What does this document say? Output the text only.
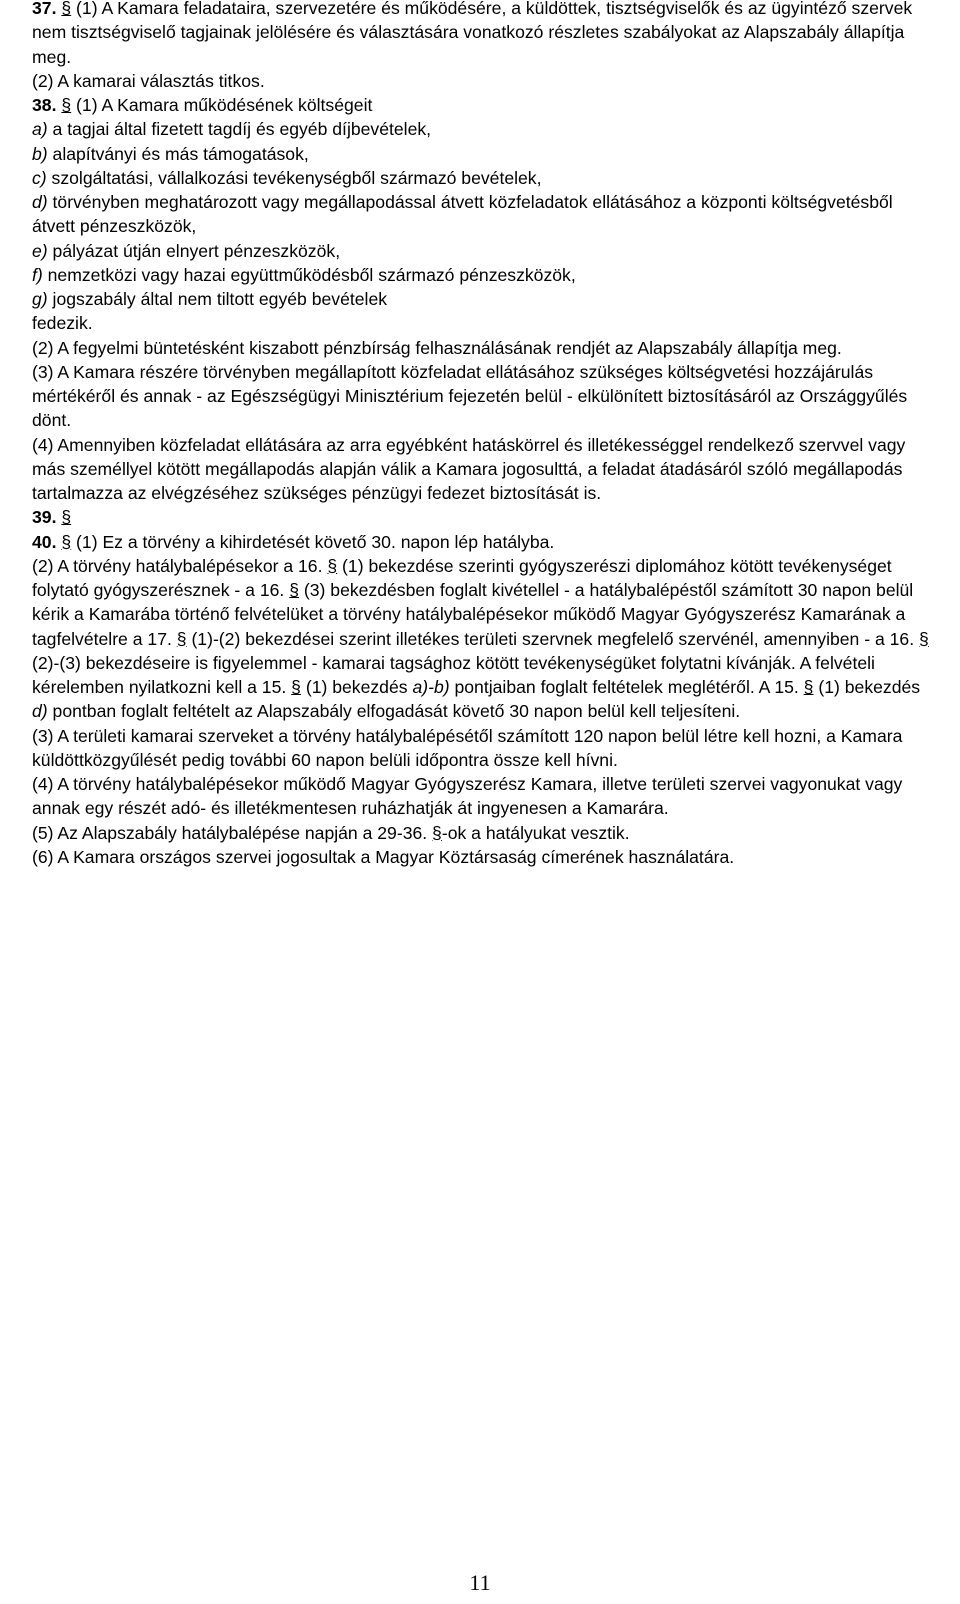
37. § (1) A Kamara feladataira, szervezetére és működésére, a küldöttek, tisztségviselők és az ügyintéző szervek nem tisztségviselő tagjainak jelölésére és választására vonatkozó részletes szabályokat az Alapszabály állapítja meg.

(2) A kamarai választás titkos.

38. § (1) A Kamara működésének költségeit

a) a tagjai által fizetett tagdíj és egyéb díjbevételek,

b) alapítványi és más támogatások,

c) szolgáltatási, vállalkozási tevékenységből származó bevételek,

d) törvényben meghatározott vagy megállapodással átvett közfeladatok ellátásához a központi költségvetésből átvett pénzeszközök,

e) pályázat útján elnyert pénzeszközök,

f) nemzetközi vagy hazai együttműködésből származó pénzeszközök,

g) jogszabály által nem tiltott egyéb bevételek

fedezik.

(2) A fegyelmi büntetésként kiszabott pénzbírság felhasználásának rendjét az Alapszabály állapítja meg.

(3) A Kamara részére törvényben megállapított közfeladat ellátásához szükséges költségvetési hozzájárulás mértékéről és annak - az Egészségügyi Minisztérium fejezetén belül - elkülönített biztosításáról az Országgyűlés dönt.

(4) Amennyiben közfeladat ellátására az arra egyébként hatáskörrel és illetékességgel rendelkező szervvel vagy más személlyel kötött megállapodás alapján válik a Kamara jogosulttá, a feladat átadásáról szóló megállapodás tartalmazza az elvégzéséhez szükséges pénzügyi fedezet biztosítását is.

39. §

40. § (1) Ez a törvény a kihirdetését követő 30. napon lép hatályba.

(2) A törvény hatálybalépésekor a 16. § (1) bekezdése szerinti gyógyszerészi diplomához kötött tevékenységet folytató gyógyszerésznek - a 16. § (3) bekezdésben foglalt kivétellel - a hatálybalépéstől számított 30 napon belül kérik a Kamarába történő felvételüket a törvény hatálybalépésekor működő Magyar Gyógyszerész Kamarának a tagfelvételre a 17. § (1)-(2) bekezdései szerint illetékes területi szervnek megfelelő szervénél, amennyiben - a 16. § (2)-(3) bekezdéseire is figyelemmel - kamarai tagsághoz kötött tevékenységüket folytatni kívánják. A felvételi kérelemben nyilatkozni kell a 15. § (1) bekezdés a)-b) pontjaiban foglalt feltételek meglétéről. A 15. § (1) bekezdés d) pontban foglalt feltételt az Alapszabály elfogadását követő 30 napon belül kell teljesíteni.

(3) A területi kamarai szerveket a törvény hatálybalépésétől számított 120 napon belül létre kell hozni, a Kamara küldöttközgyűlését pedig további 60 napon belüli időpontra össze kell hívni.

(4) A törvény hatálybalépésekor működő Magyar Gyógyszerész Kamara, illetve területi szervei vagyonukat vagy annak egy részét adó- és illetékmentesen ruházhatják át ingyenesen a Kamarára.

(5) Az Alapszabály hatálybalépése napján a 29-36. §-ok a hatályukat vesztik.

(6) A Kamara országos szervei jogosultak a Magyar Köztársaság címerének használatára.

11
